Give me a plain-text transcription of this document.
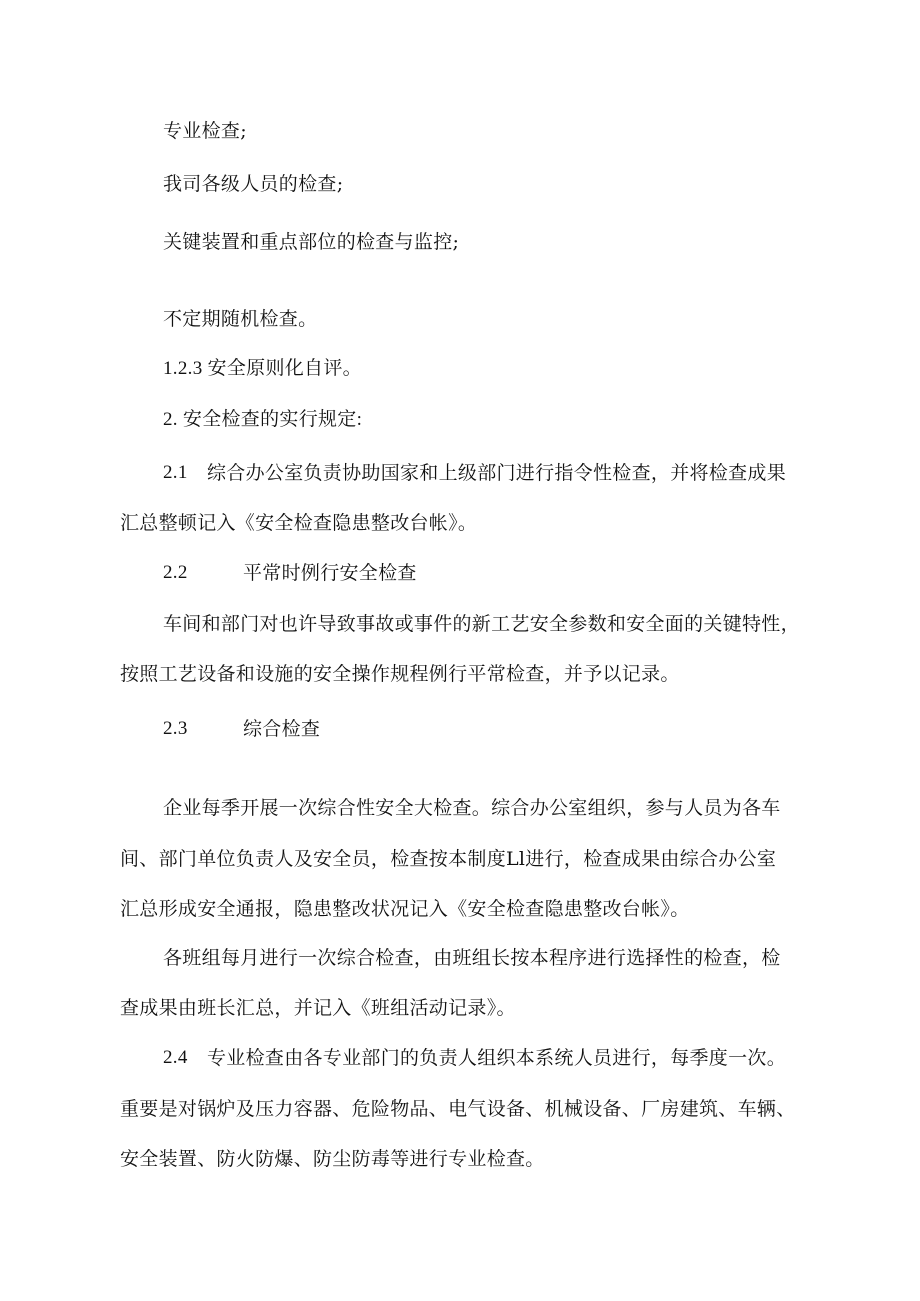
专业检查;
我司各级人员的检查;
关键装置和重点部位的检查与监控;
不定期随机检查。
1.2.3 安全原则化自评。
2. 安全检查的实行规定:
2.1 综合办公室负责协助国家和上级部门进行指令性检查，并将检查成果
汇总整顿记入《安全检查隐患整改台帐》。
2.2	平常时例行安全检查
车间和部门对也许导致事故或事件的新工艺安全参数和安全面的关键特性，
按照工艺设备和设施的安全操作规程例行平常检查，并予以记录。
2.3	综合检查
企业每季开展一次综合性安全大检查。综合办公室组织，参与人员为各车
间、部门单位负责人及安全员，检查按本制度Ll进行，检查成果由综合办公室
汇总形成安全通报，隐患整改状况记入《安全检查隐患整改台帐》。
各班组每月进行一次综合检查，由班组长按本程序进行选择性的检查，检
查成果由班长汇总，并记入《班组活动记录》。
2.4 专业检查由各专业部门的负责人组织本系统人员进行，每季度一次。
重要是对锅炉及压力容器、危险物品、电气设备、机械设备、厂房建筑、车辆、
安全装置、防火防爆、防尘防毒等进行专业检查。
